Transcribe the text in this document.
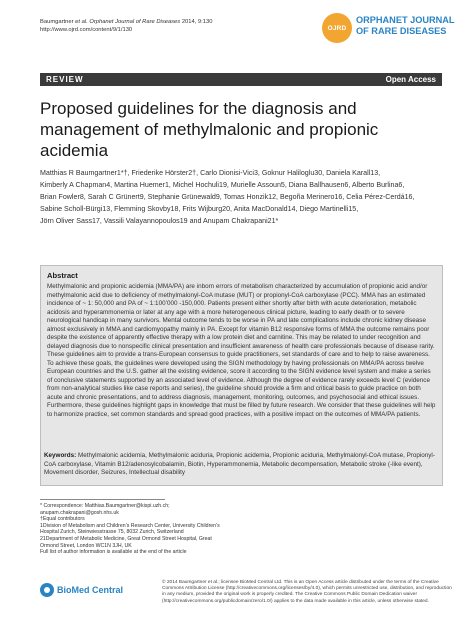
Baumgartner et al. Orphanet Journal of Rare Diseases 2014, 9:130
http://www.ojrd.com/content/9/1/130	OJRD
ORPHANET JOURNAL
OF RARE DISEASES
REVIEW	Open Access
Proposed guidelines for the diagnosis and management of methylmalonic and propionic acidemia
Matthias R Baumgartner1*†, Friederike Hörster2†, Carlo Dionisi-Vici3, Goknur Haliloglu30, Daniela Karall13,
Kimberly A Chapman4, Martina Huemer1, Michel Hochuli19, Murielle Assoun5, Diana Ballhausen6, Alberto Burlina6,
Brian Fowler8, Sarah C Grünert9, Stephanie Grünewald9, Tomas Honzik12, Begoña Merinero16, Celia Pérez-Cerdá16,
Sabine Scholl-Bürgi13, Flemming Skovby18, Frits Wijburg20, Anita MacDonald14, Diego Martinelli15,
Jörn Oliver Sass17, Vassili Valayannopoulos19 and Anupam Chakrapani21*
Abstract

Methylmalonic and propionic acidemia (MMA/PA) are inborn errors of metabolism characterized by accumulation of propionic acid and/or methylmalonic acid due to deficiency of methylmalonyl-CoA mutase (MUT) or propionyl-CoA carboxylase (PCC). MMA has an estimated incidence of ~ 1: 50,000 and PA of ~ 1:100’000 -150,000. Patients present either shortly after birth with acute deterioration, metabolic acidosis and hyperammonemia or later at any age with a more heterogeneous clinical picture, leading to early death or to severe neurological handicap in many survivors. Mental outcome tends to be worse in PA and late complications include chronic kidney disease almost exclusively in MMA and cardiomyopathy mainly in PA. Except for vitamin B12 responsive forms of MMA the outcome remains poor despite the existence of apparently effective therapy with a low protein diet and carnitine. This may be related to under recognition and delayed diagnosis due to nonspecific clinical presentation and insufficient awareness of health care professionals because of disease rarity.

These guidelines aim to provide a trans-European consensus to guide practitioners, set standards of care and to help to raise awareness. To achieve these goals, the guidelines were developed using the SIGN methodology by having professionals on MMA/PA across twelve European countries and the U.S. gather all the existing evidence, score it according to the SIGN evidence level system and make a series of conclusive statements supported by an associated level of evidence. Although the degree of evidence rarely exceeds level C (evidence from non-analytical studies like case reports and series), the guideline should provide a firm and critical basis to guide practice on both acute and chronic presentations, and to address diagnosis, management, monitoring, outcomes, and psychosocial and ethical issues. Furthermore, these guidelines highlight gaps in knowledge that must be filled by future research. We consider that these guidelines will help to harmonize practice, set common standards and spread good practices, with a positive impact on the outcomes of MMA/PA patients.

Keywords: Methylmalonic acidemia, Methylmalonic aciduria, Propionic acidemia, Propionic aciduria, Methylmalonyl-CoA mutase, Propionyl-CoA carboxylase, Vitamin B12/adenosylcobalamin, Biotin, Hyperammonemia, Metabolic decompensation, Metabolic stroke (-like event), Movement disorder, Seizures, Intellectual disability
* Correspondence: Matthias.Baumgartner@kispi.uzh.ch;
anupam.chakrapani@gosh.nhs.uk
†Equal contributors
1Division of Metabolism and Children’s Research Center, University Children’s
Hospital Zurich, Steinwiesstrasse 75, 8032 Zurich, Switzerland
21Department of Metabolic Medicine, Great Ormond Street Hospital, Great
Ormond Street, London WC1N 3JH, UK
Full list of author information is available at the end of the article
BioMed Central
© 2014 Baumgartner et al.; licensee BioMed Central Ltd. This is an Open Access article distributed under the terms of the Creative Commons Attribution License (http://creativecommons.org/licenses/by/4.0), which permits unrestricted use, distribution, and reproduction in any medium, provided the original work is properly credited. The Creative Commons Public Domain Dedication waiver (http://creativecommons.org/publicdomain/zero/1.0/) applies to the data made available in this article, unless otherwise stated.
